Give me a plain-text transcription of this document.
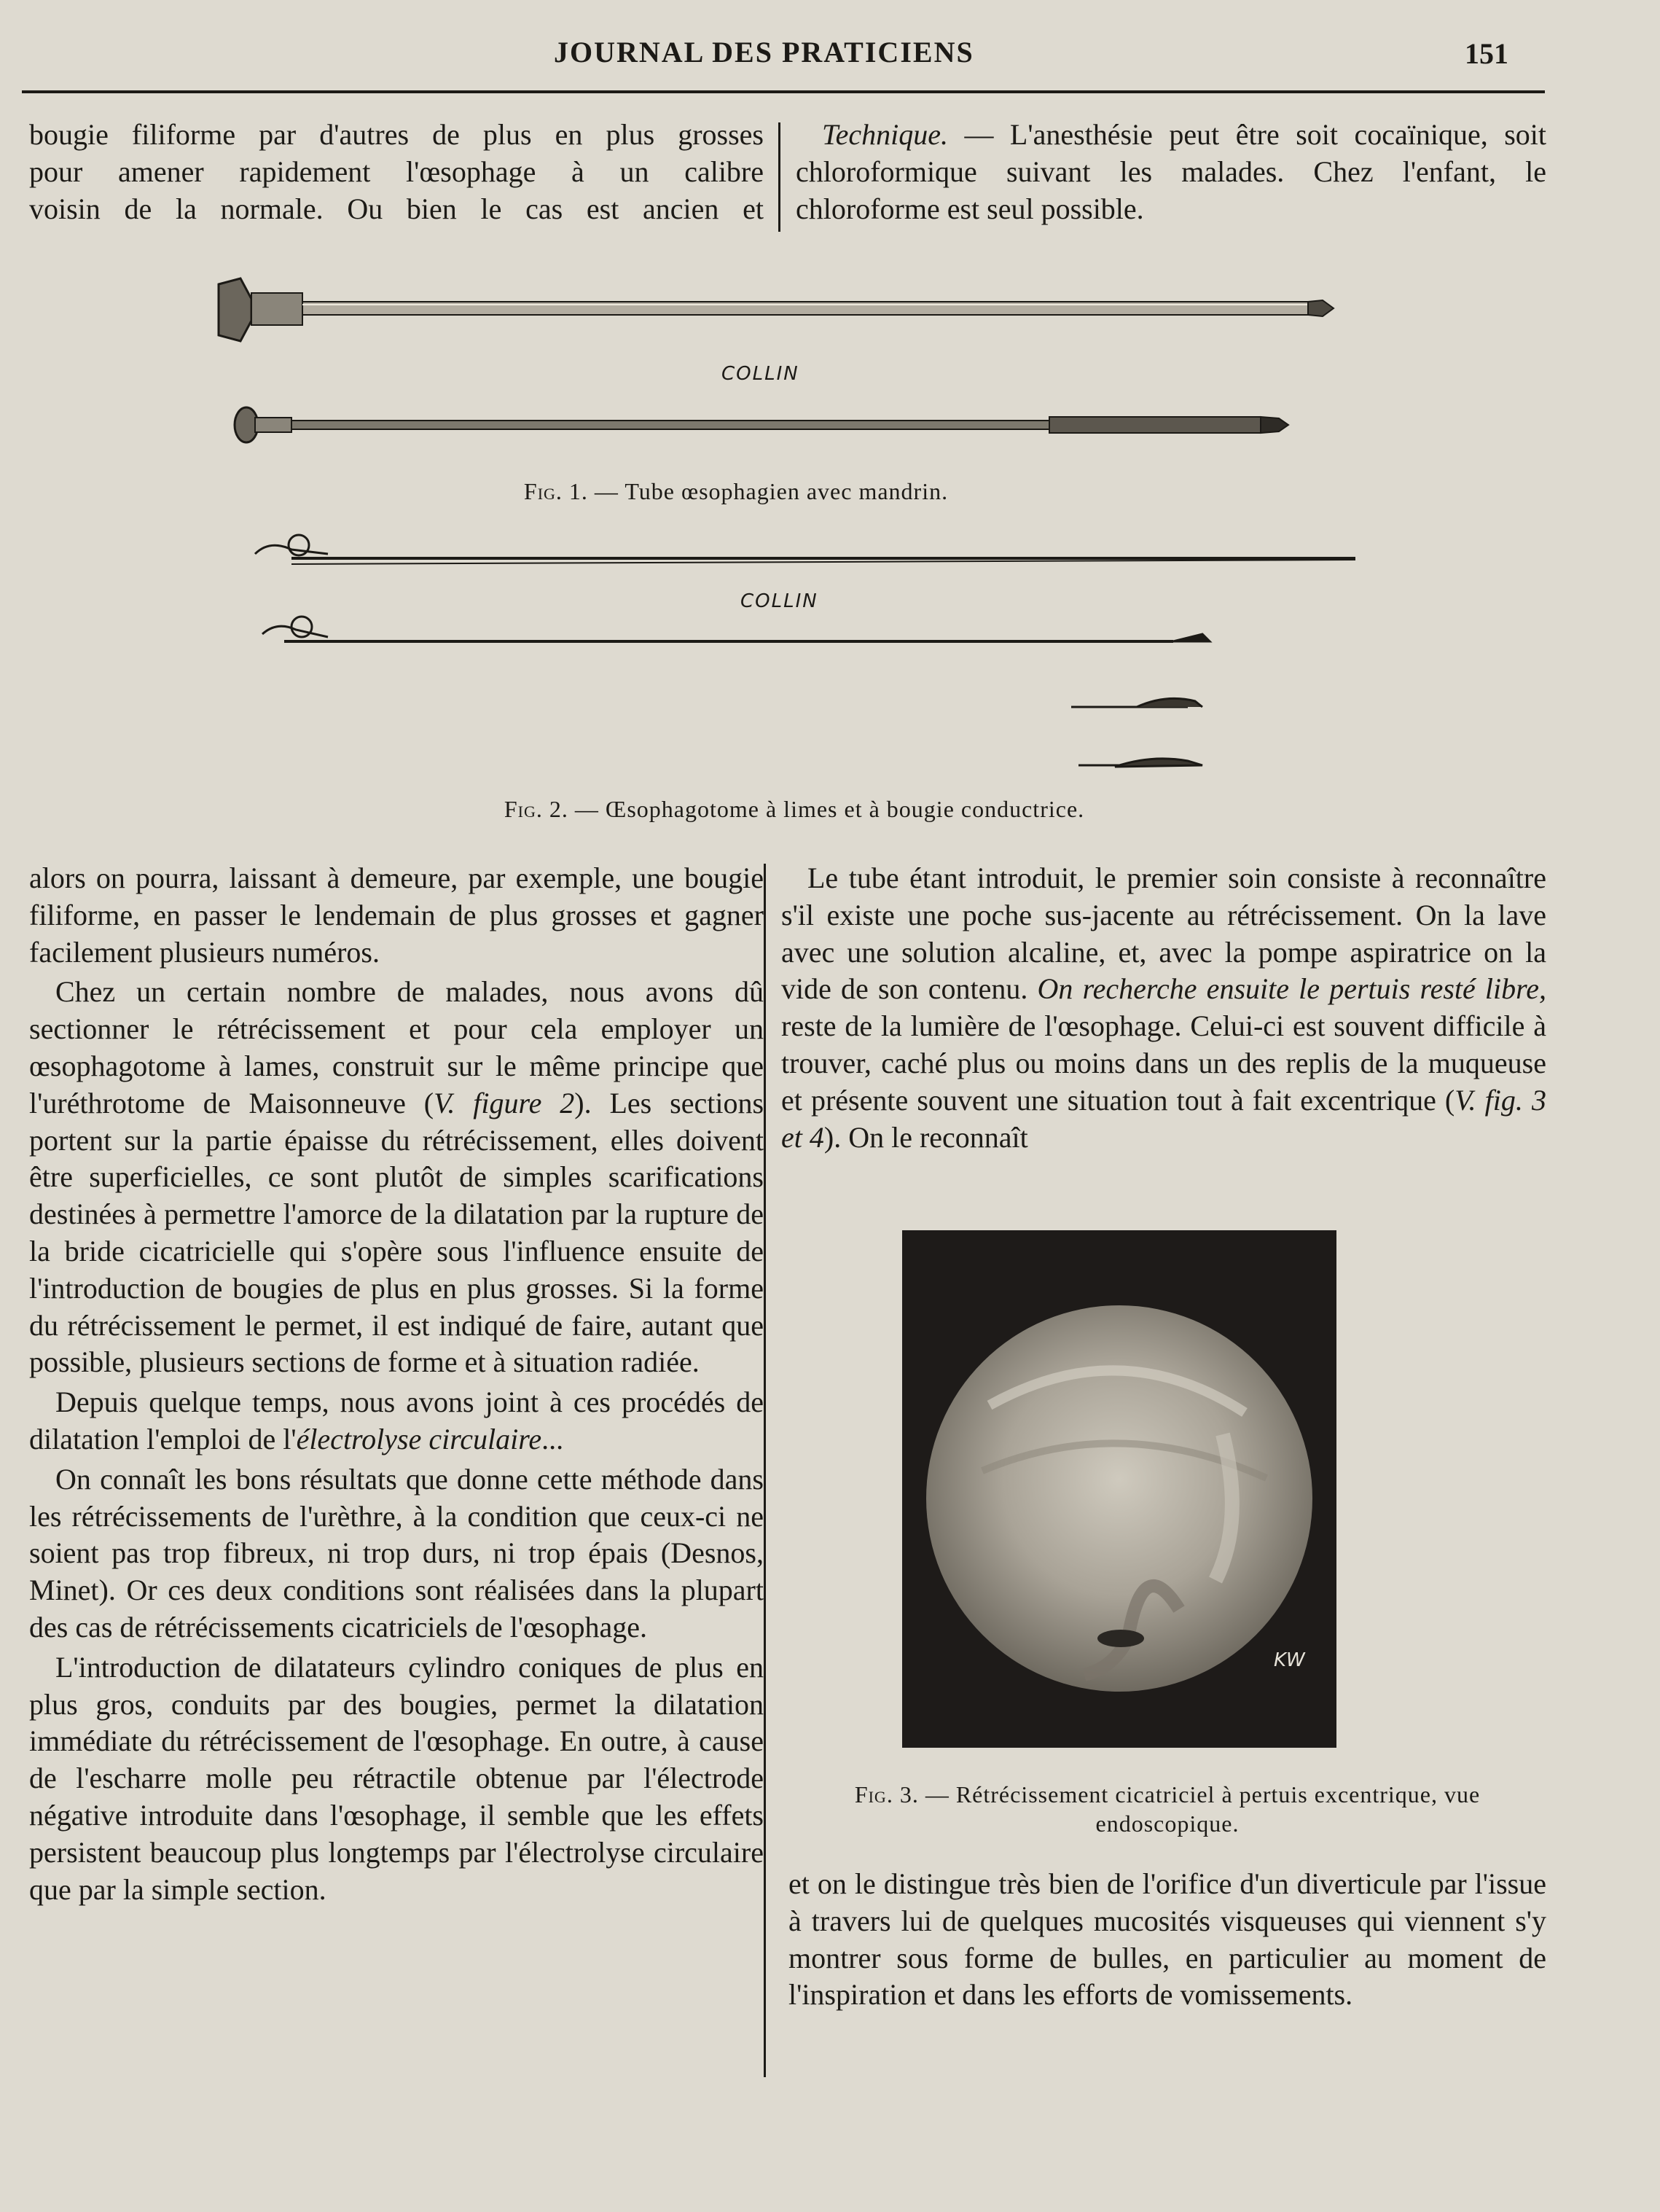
JOURNAL DES PRATICIENS	151

bougie filiforme par d'autres de plus en plus grosses

pour amener rapidement l'œsophage à un calibre

voisin de la normale. Ou bien le cas est ancien et

Technique. — L'anesthésie peut être soit cocaïnique, soit chloroformique suivant les malades. Chez l'enfant, le chloroforme est seul possible.

COLLIN
Fig. 1. — Tube œsophagien avec mandrin.
COLLIN
Fig. 2. — Œsophagotome à limes et à bougie conductrice.

alors on pourra, laissant à demeure, par exemple, une bougie filiforme, en passer le lendemain de plus grosses et gagner facilement plusieurs numéros.

Chez un certain nombre de malades, nous avons dû sectionner le rétrécissement et pour cela employer un œsophagotome à lames, construit sur le même principe que l'uréthrotome de Maisonneuve (V. figure 2). Les sections portent sur la partie épaisse du rétrécissement, elles doivent être superficielles, ce sont plutôt de simples scarifications destinées à permettre l'amorce de la dilatation par la rupture de la bride cicatricielle qui s'opère sous l'influence ensuite de l'introduction de bougies de plus en plus grosses. Si la forme du rétrécissement le permet, il est indiqué de faire, autant que possible, plusieurs sections de forme et à situation radiée.

Depuis quelque temps, nous avons joint à ces procédés de dilatation l'emploi de l'électrolyse circulaire...

On connaît les bons résultats que donne cette méthode dans les rétrécissements de l'urèthre, à la condition que ceux-ci ne soient pas trop fibreux, ni trop durs, ni trop épais (Desnos, Minet). Or ces deux conditions sont réalisées dans la plupart des cas de rétrécissements cicatriciels de l'œsophage.

L'introduction de dilatateurs cylindro coniques de plus en plus gros, conduits par des bougies, permet la dilatation immédiate du rétrécissement de l'œsophage. En outre, à cause de l'escharre molle peu rétractile obtenue par l'électrode négative introduite dans l'œsophage, il semble que les effets persistent beaucoup plus longtemps par l'électrolyse circulaire que par la simple section.

Le tube étant introduit, le premier soin consiste à reconnaître s'il existe une poche sus-jacente au rétrécissement. On la lave avec une solution alcaline, et, avec la pompe aspiratrice on la vide de son contenu. On recherche ensuite le pertuis resté libre, reste de la lumière de l'œsophage. Celui-ci est souvent difficile à trouver, caché plus ou moins dans un des replis de la muqueuse et présente souvent une situation tout à fait excentrique (V. fig. 3 et 4). On le reconnaît

KW
Fig. 3. — Rétrécissement cicatriciel à pertuis excentrique, vue endoscopique.

et on le distingue très bien de l'orifice d'un diverticule par l'issue à travers lui de quelques mucosités visqueuses qui viennent s'y montrer sous forme de bulles, en particulier au moment de l'inspiration et dans les efforts de vomissements.
